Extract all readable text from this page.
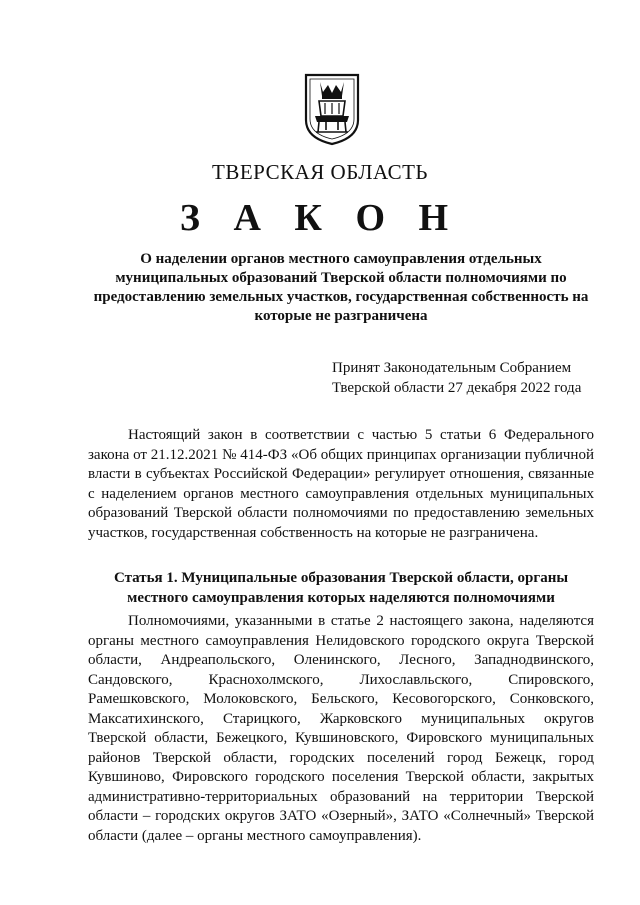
ТВЕРСКАЯ ОБЛАСТЬ
З А К О Н
О наделении органов местного самоуправления отдельных муниципальных образований Тверской области полномочиями по предоставлению земельных участков, государственная собственность на которые не разграничена
Принят Законодательным Собранием
Тверской области 27 декабря 2022 года
Настоящий закон в соответствии с частью 5 статьи 6 Федерального закона от 21.12.2021 № 414-ФЗ «Об общих принципах организации публичной власти в субъектах Российской Федерации» регулирует отношения, связанные с наделением органов местного самоуправления отдельных муниципальных образований Тверской области полномочиями по предоставлению земельных участков, государственная собственность на которые не разграничена.
Статья 1. Муниципальные образования Тверской области, органы местного самоуправления которых наделяются полномочиями
Полномочиями, указанными в статье 2 настоящего закона, наделяются органы местного самоуправления Нелидовского городского округа Тверской области, Андреапольского, Оленинского, Лесного, Западнодвинского, Сандовского, Краснохолмского, Лихославльского, Спировского, Рамешковского, Молоковского, Бельского, Кесовогорского, Сонковского, Максатихинского, Старицкого, Жарковского муниципальных округов Тверской области, Бежецкого, Кувшиновского, Фировского муниципальных районов Тверской области, городских поселений город Бежецк, город Кувшиново, Фировского городского поселения Тверской области, закрытых административно-территориальных образований на территории Тверской области – городских округов ЗАТО «Озерный», ЗАТО «Солнечный» Тверской области (далее – органы местного самоуправления).
